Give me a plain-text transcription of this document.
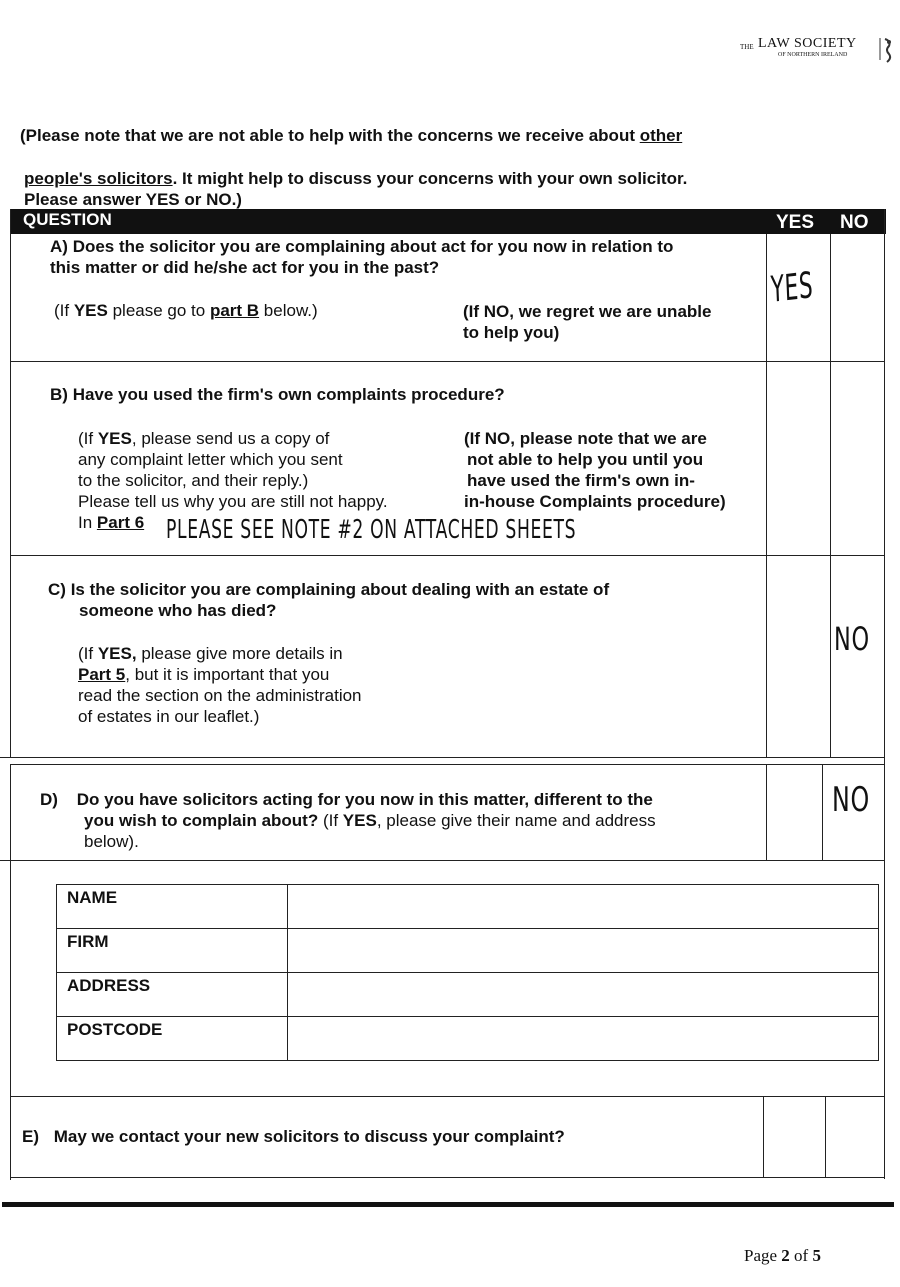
THE LAW SOCIETY
OF NORTHERN IRELAND
(Please note that we are not able to help with the concerns we receive about other
people's solicitors. It might help to discuss your concerns with your own solicitor.
Please answer YES or NO.)
QUESTION	YES NO
A) Does the solicitor you are complaining about act for you now in relation to
this matter or did he/she act for you in the past?
(If YES please go to part B below.)	(If NO, we regret we are unable
to help you)
YES
B) Have you used the firm's own complaints procedure?
(If YES, please send us a copy of
any complaint letter which you sent
to the solicitor, and their reply.)
Please tell us why you are still not happy.
In Part 6
(If NO, please note that we are
not able to help you until you
have used the firm's own in-
in-house Complaints procedure)
PLEASE SEE NOTE #2 ON ATTACHED SHEETS
C) Is the solicitor you are complaining about dealing with an estate of
someone who has died?
(If YES, please give more details in
Part 5, but it is important that you
read the section on the administration
of estates in our leaflet.)
NO
D) Do you have solicitors acting for you now in this matter, different to the
you wish to complain about? (If YES, please give their name and address
below).
NO
NAME
FIRM
ADDRESS
POSTCODE
E) May we contact your new solicitors to discuss your complaint?
Page 2 of 5
